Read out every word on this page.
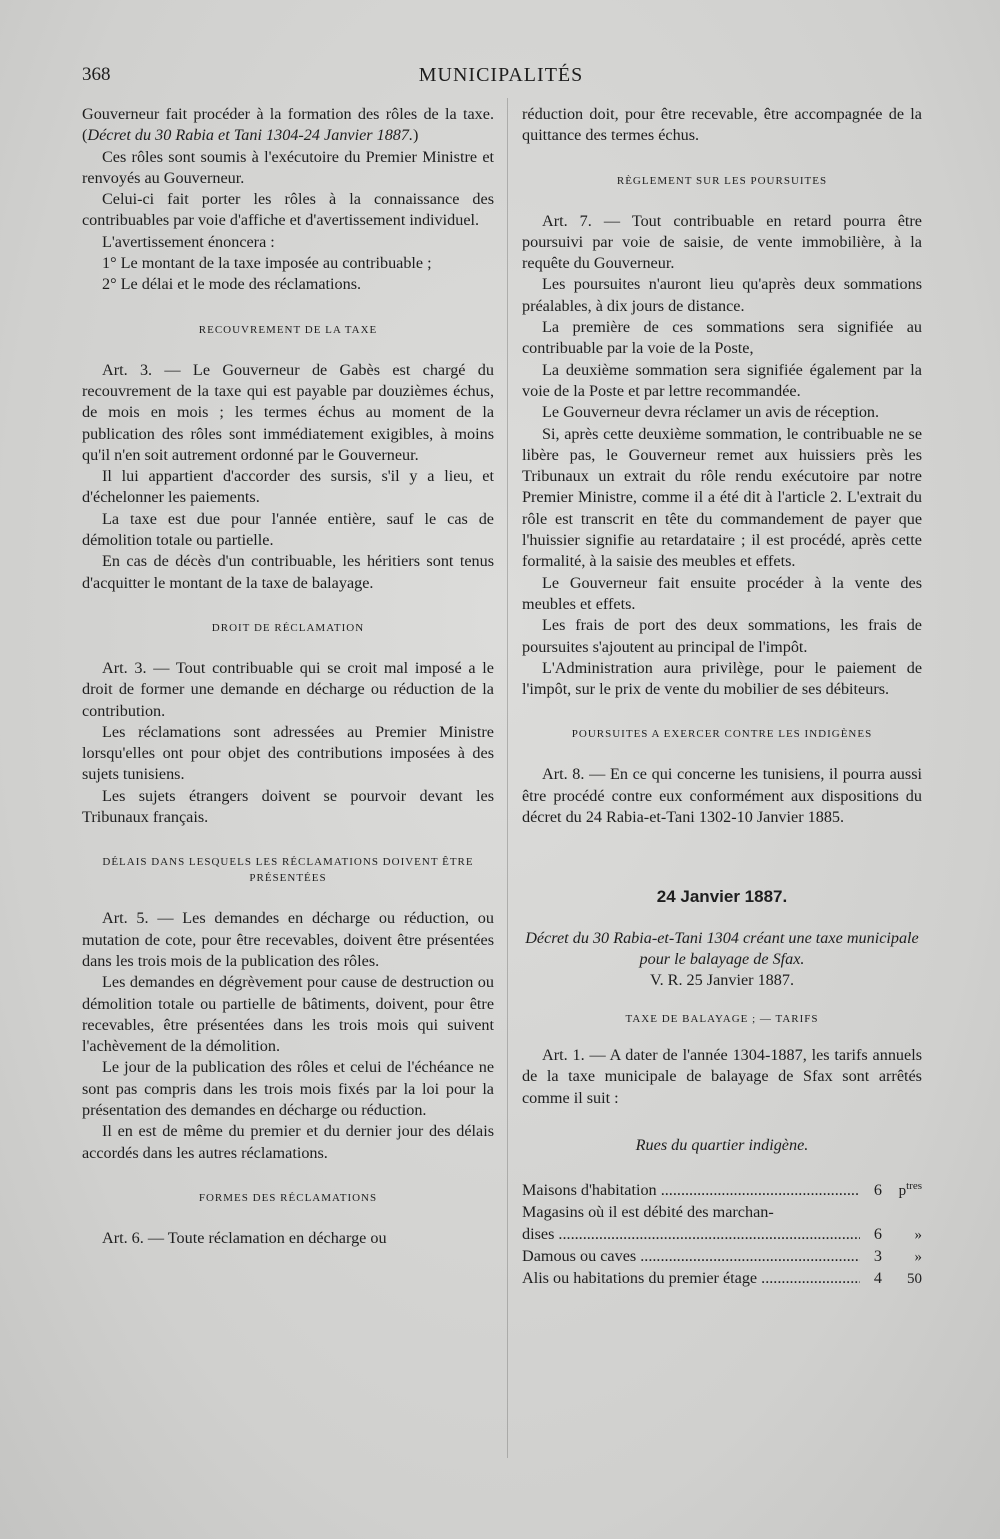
368	MUNICIPALITÉS

Gouverneur fait procéder à la formation des rôles de la taxe. (Décret du 30 Rabia et Tani 1304-24 Janvier 1887.)

Ces rôles sont soumis à l'exécutoire du Premier Ministre et renvoyés au Gouverneur.

Celui-ci fait porter les rôles à la connaissance des contribuables par voie d'affiche et d'avertissement individuel.

L'avertissement énoncera :

1° Le montant de la taxe imposée au contribuable ;

2° Le délai et le mode des réclamations.

RECOUVREMENT DE LA TAXE

Art. 3. — Le Gouverneur de Gabès est chargé du recouvrement de la taxe qui est payable par douzièmes échus, de mois en mois ; les termes échus au moment de la publication des rôles sont immédiatement exigibles, à moins qu'il n'en soit autrement ordonné par le Gouverneur.

Il lui appartient d'accorder des sursis, s'il y a lieu, et d'échelonner les paiements.

La taxe est due pour l'année entière, sauf le cas de démolition totale ou partielle.

En cas de décès d'un contribuable, les héritiers sont tenus d'acquitter le montant de la taxe de balayage.

DROIT DE RÉCLAMATION

Art. 3. — Tout contribuable qui se croit mal imposé a le droit de former une demande en décharge ou réduction de la contribution.

Les réclamations sont adressées au Premier Ministre lorsqu'elles ont pour objet des contributions imposées à des sujets tunisiens.

Les sujets étrangers doivent se pourvoir devant les Tribunaux français.

DÉLAIS DANS LESQUELS LES RÉCLAMATIONS DOIVENT ÊTRE PRÉSENTÉES

Art. 5. — Les demandes en décharge ou réduction, ou mutation de cote, pour être recevables, doivent être présentées dans les trois mois de la publication des rôles.

Les demandes en dégrèvement pour cause de destruction ou démolition totale ou partielle de bâtiments, doivent, pour être recevables, être présentées dans les trois mois qui suivent l'achèvement de la démolition.

Le jour de la publication des rôles et celui de l'échéance ne sont pas compris dans les trois mois fixés par la loi pour la présentation des demandes en décharge ou réduction.

Il en est de même du premier et du dernier jour des délais accordés dans les autres réclamations.

FORMES DES RÉCLAMATIONS

Art. 6. — Toute réclamation en décharge ou

réduction doit, pour être recevable, être accompagnée de la quittance des termes échus.

RÈGLEMENT SUR LES POURSUITES

Art. 7. — Tout contribuable en retard pourra être poursuivi par voie de saisie, de vente immobilière, à la requête du Gouverneur.

Les poursuites n'auront lieu qu'après deux sommations préalables, à dix jours de distance.

La première de ces sommations sera signifiée au contribuable par la voie de la Poste,

La deuxième sommation sera signifiée également par la voie de la Poste et par lettre recommandée.

Le Gouverneur devra réclamer un avis de réception.

Si, après cette deuxième sommation, le contribuable ne se libère pas, le Gouverneur remet aux huissiers près les Tribunaux un extrait du rôle rendu exécutoire par notre Premier Ministre, comme il a été dit à l'article 2. L'extrait du rôle est transcrit en tête du commandement de payer que l'huissier signifie au retardataire ; il est procédé, après cette formalité, à la saisie des meubles et effets.

Le Gouverneur fait ensuite procéder à la vente des meubles et effets.

Les frais de port des deux sommations, les frais de poursuites s'ajoutent au principal de l'impôt.

L'Administration aura privilège, pour le paiement de l'impôt, sur le prix de vente du mobilier de ses débiteurs.

POURSUITES A EXERCER CONTRE LES INDIGÈNES

Art. 8. — En ce qui concerne les tunisiens, il pourra aussi être procédé contre eux conformément aux dispositions du décret du 24 Rabia-et-Tani 1302-10 Janvier 1885.

24 Janvier 1887.

Décret du 30 Rabia-et-Tani 1304 créant une taxe municipale pour le balayage de Sfax.

V. R. 25 Janvier 1887.

TAXE DE BALAYAGE ; — TARIFS

Art. 1. — A dater de l'année 1304-1887, les tarifs annuels de la taxe municipale de balayage de Sfax sont arrêtés comme il suit :

Rues du quartier indigène.
Maisons d'habitation .....	6	$p^{tres}$
Magasins où il est débité des marchan-
dises .....	6	»
Damous ou caves .....	3	»
Alis ou habitations du premier étage .....	4	50
